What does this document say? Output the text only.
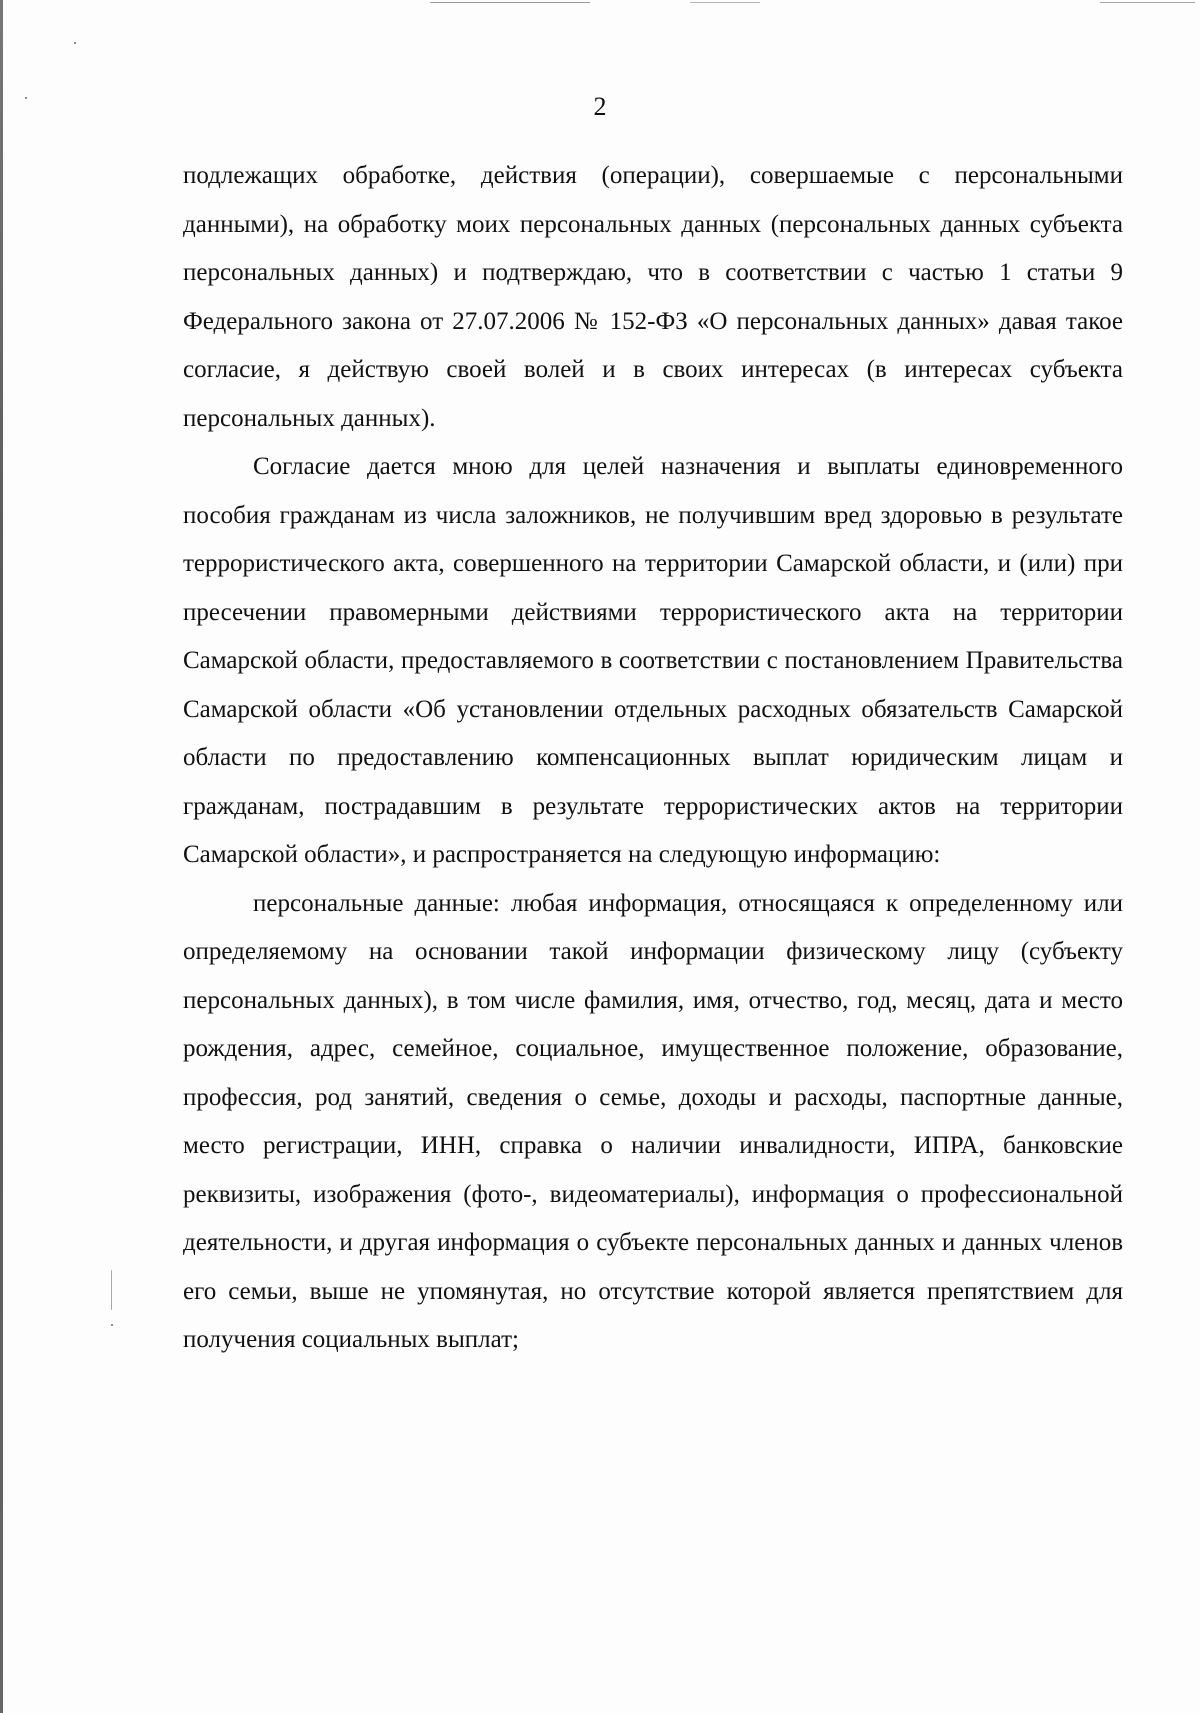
2

подлежащих обработке, действия (операции), совершаемые с персональными данными), на обработку моих персональных данных (персональных данных субъекта персональных данных) и подтверждаю, что в соответствии с частью 1 статьи 9 Федерального закона от 27.07.2006 № 152-ФЗ «О персональных данных» давая такое согласие, я действую своей волей и в своих интересах (в интересах субъекта персональных данных).

Согласие дается мною для целей назначения и выплаты единовременного пособия гражданам из числа заложников, не получившим вред здоровью в результате террористического акта, совершенного на территории Самарской области, и (или) при пресечении правомерными действиями террористического акта на территории Самарской области, предоставляемого в соответствии с постановлением Правительства Самарской области «Об установлении отдельных расходных обязательств Самарской области по предоставлению компенсационных выплат юридическим лицам и гражданам, пострадавшим в результате террористических актов на территории Самарской области», и распространяется на следующую информацию:

персональные данные: любая информация, относящаяся к определенному или определяемому на основании такой информации физическому лицу (субъекту персональных данных), в том числе фамилия, имя, отчество, год, месяц, дата и место рождения, адрес, семейное, социальное, имущественное положение, образование, профессия, род занятий, сведения о семье, доходы и расходы, паспортные данные, место регистрации, ИНН, справка о наличии инвалидности, ИПРА, банковские реквизиты, изображения (фото-, видеоматериалы), информация о профессиональной деятельности, и другая информация о субъекте персональных данных и данных членов его семьи, выше не упомянутая, но отсутствие которой является препятствием для получения социальных выплат;
